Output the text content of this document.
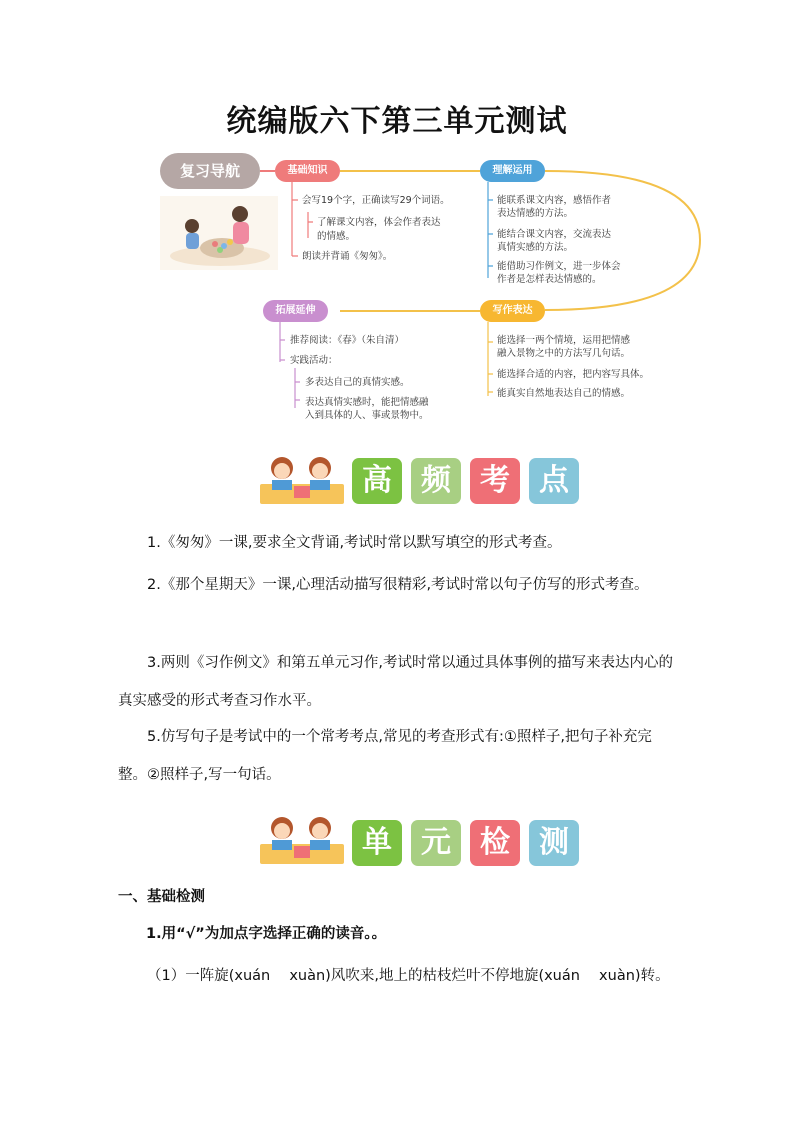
统编版六下第三单元测试
复习导航	基础知识	理解运用
拓展延伸	写作表达
会写19个字，正确读写29个词语。
了解课文内容，体会作者表达
的情感。
朗读并背诵《匆匆》。
能联系课文内容，感悟作者
表达情感的方法。
能结合课文内容，交流表达
真情实感的方法。
能借助习作例文，进一步体会
作者是怎样表达情感的。
推荐阅读：《春》（朱自清）
实践活动：
多表达自己的真情实感。
表达真情实感时，能把情感融
入到具体的人、事或景物中。
能选择一两个情境，运用把情感
融入景物之中的方法写几句话。
能选择合适的内容，把内容写具体。
能真实自然地表达自己的情感。
高 频 考 点
1.《匆匆》一课,要求全文背诵,考试时常以默写填空的形式考查。
2.《那个星期天》一课,心理活动描写很精彩,考试时常以句子仿写的形式考查。
3.两则《习作例文》和第五单元习作,考试时常以通过具体事例的描写来表达内心的真实感受的形式考查习作水平。
5.仿写句子是考试中的一个常考考点,常见的考查形式有:①照样子,把句子补充完整。②照样子,写一句话。
单 元 检 测
一、基础检测
1.用“√”为加点字选择正确的读音。。
（1）一阵旋(xuán　 xuàn)风吹来,地上的枯枝烂叶不停地旋(xuán　 xuàn)转。
